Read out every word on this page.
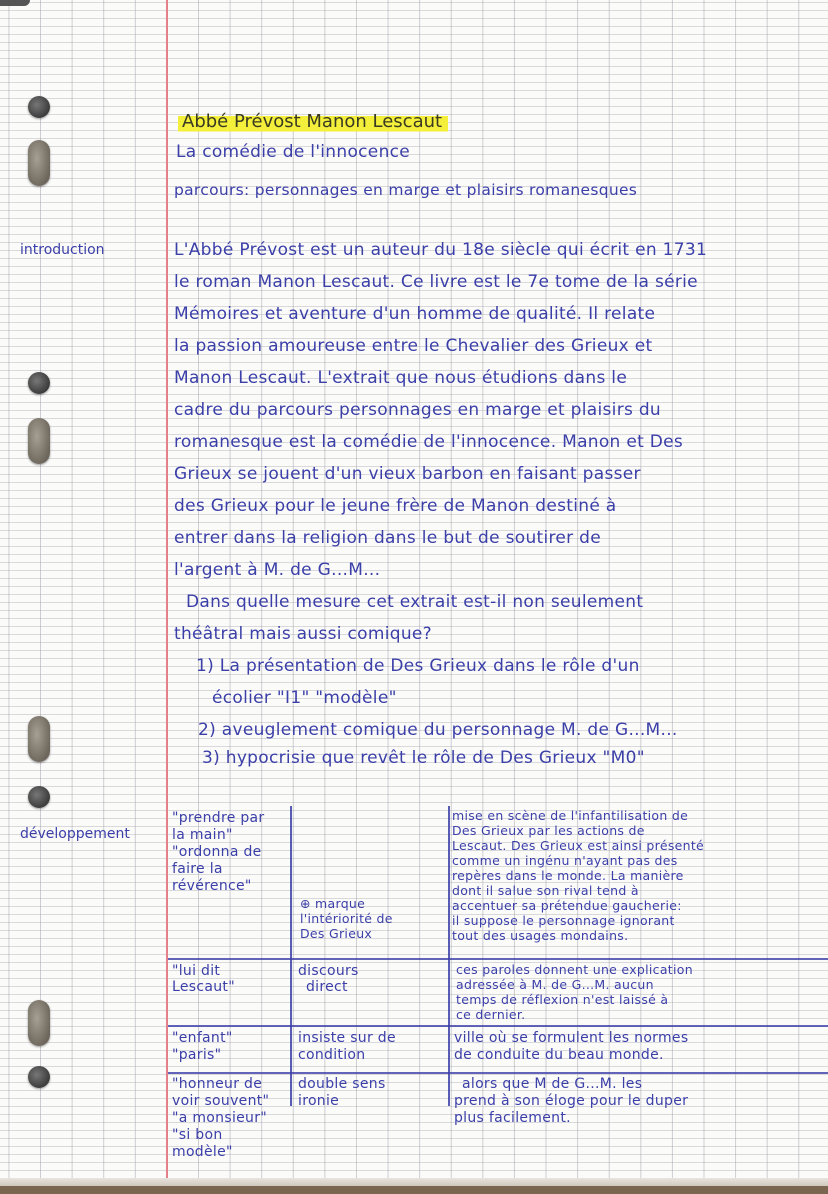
Abbé Prévost Manon Lescaut
La comédie de l'innocence
parcours: personnages en marge et plaisirs romanesques
introduction	L'Abbé Prévost est un auteur du 18e siècle qui écrit en 1731
le roman Manon Lescaut. Ce livre est le 7e tome de la série
Mémoires et aventure d'un homme de qualité. Il relate
la passion amoureuse entre le Chevalier des Grieux et
Manon Lescaut. L'extrait que nous étudions dans le
cadre du parcours personnages en marge et plaisirs du
romanesque est la comédie de l'innocence. Manon et Des
Grieux se jouent d'un vieux barbon en faisant passer
des Grieux pour le jeune frère de Manon destiné à
entrer dans la religion dans le but de soutirer de
l'argent à M. de G...M...
Dans quelle mesure cet extrait est-il non seulement
théâtral mais aussi comique?
1) La présentation de Des Grieux dans le rôle d'un
écolier "I1" "modèle"
2) aveuglement comique du personnage M. de G...M...
3) hypocrisie que revêt le rôle de Des Grieux "M0"
développement
"prendre par
la main"
"ordonna de
faire la
révérence"
⊕ marque
l'intériorité de
Des Grieux
mise en scène de l'infantilisation de
Des Grieux par les actions de
Lescaut. Des Grieux est ainsi présenté
comme un ingénu n'ayant pas des
repères dans le monde. La manière
dont il salue son rival tend à
accentuer sa prétendue gaucherie:
il suppose le personnage ignorant
tout des usages mondains.
"lui dit
Lescaut"
discours
direct
ces paroles donnent une explication
adressée à M. de G...M. aucun
temps de réflexion n'est laissé à
ce dernier.
"enfant"
"paris"
insiste sur de
condition
ville où se formulent les normes
de conduite du beau monde.
"honneur de
voir souvent"
"a monsieur"
"si bon
modèle"
double sens
ironie
alors que M de G...M. les
prend à son éloge pour le duper
plus facilement.
